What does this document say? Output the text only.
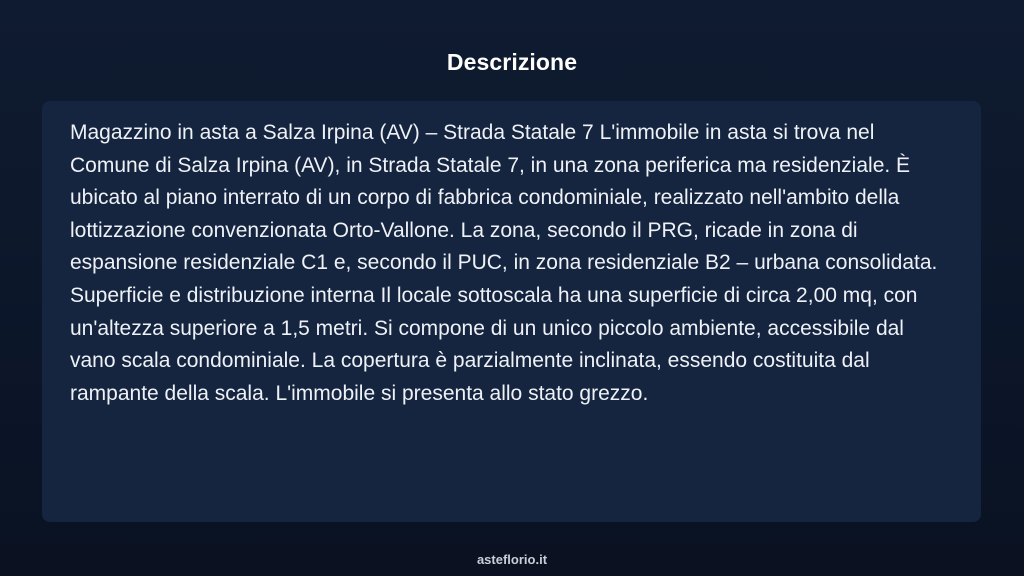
Descrizione

Magazzino in asta a Salza Irpina (AV) – Strada Statale 7 L'immobile in asta si trova nel Comune di Salza Irpina (AV), in Strada Statale 7, in una zona periferica ma residenziale. È ubicato al piano interrato di un corpo di fabbrica condominiale, realizzato nell'ambito della lottizzazione convenzionata Orto-Vallone. La zona, secondo il PRG, ricade in zona di espansione residenziale C1 e, secondo il PUC, in zona residenziale B2 – urbana consolidata. Superficie e distribuzione interna Il locale sottoscala ha una superficie di circa 2,00 mq, con un'altezza superiore a 1,5 metri. Si compone di un unico piccolo ambiente, accessibile dal vano scala condominiale. La copertura è parzialmente inclinata, essendo costituita dal rampante della scala. L'immobile si presenta allo stato grezzo.

asteflorio.it
